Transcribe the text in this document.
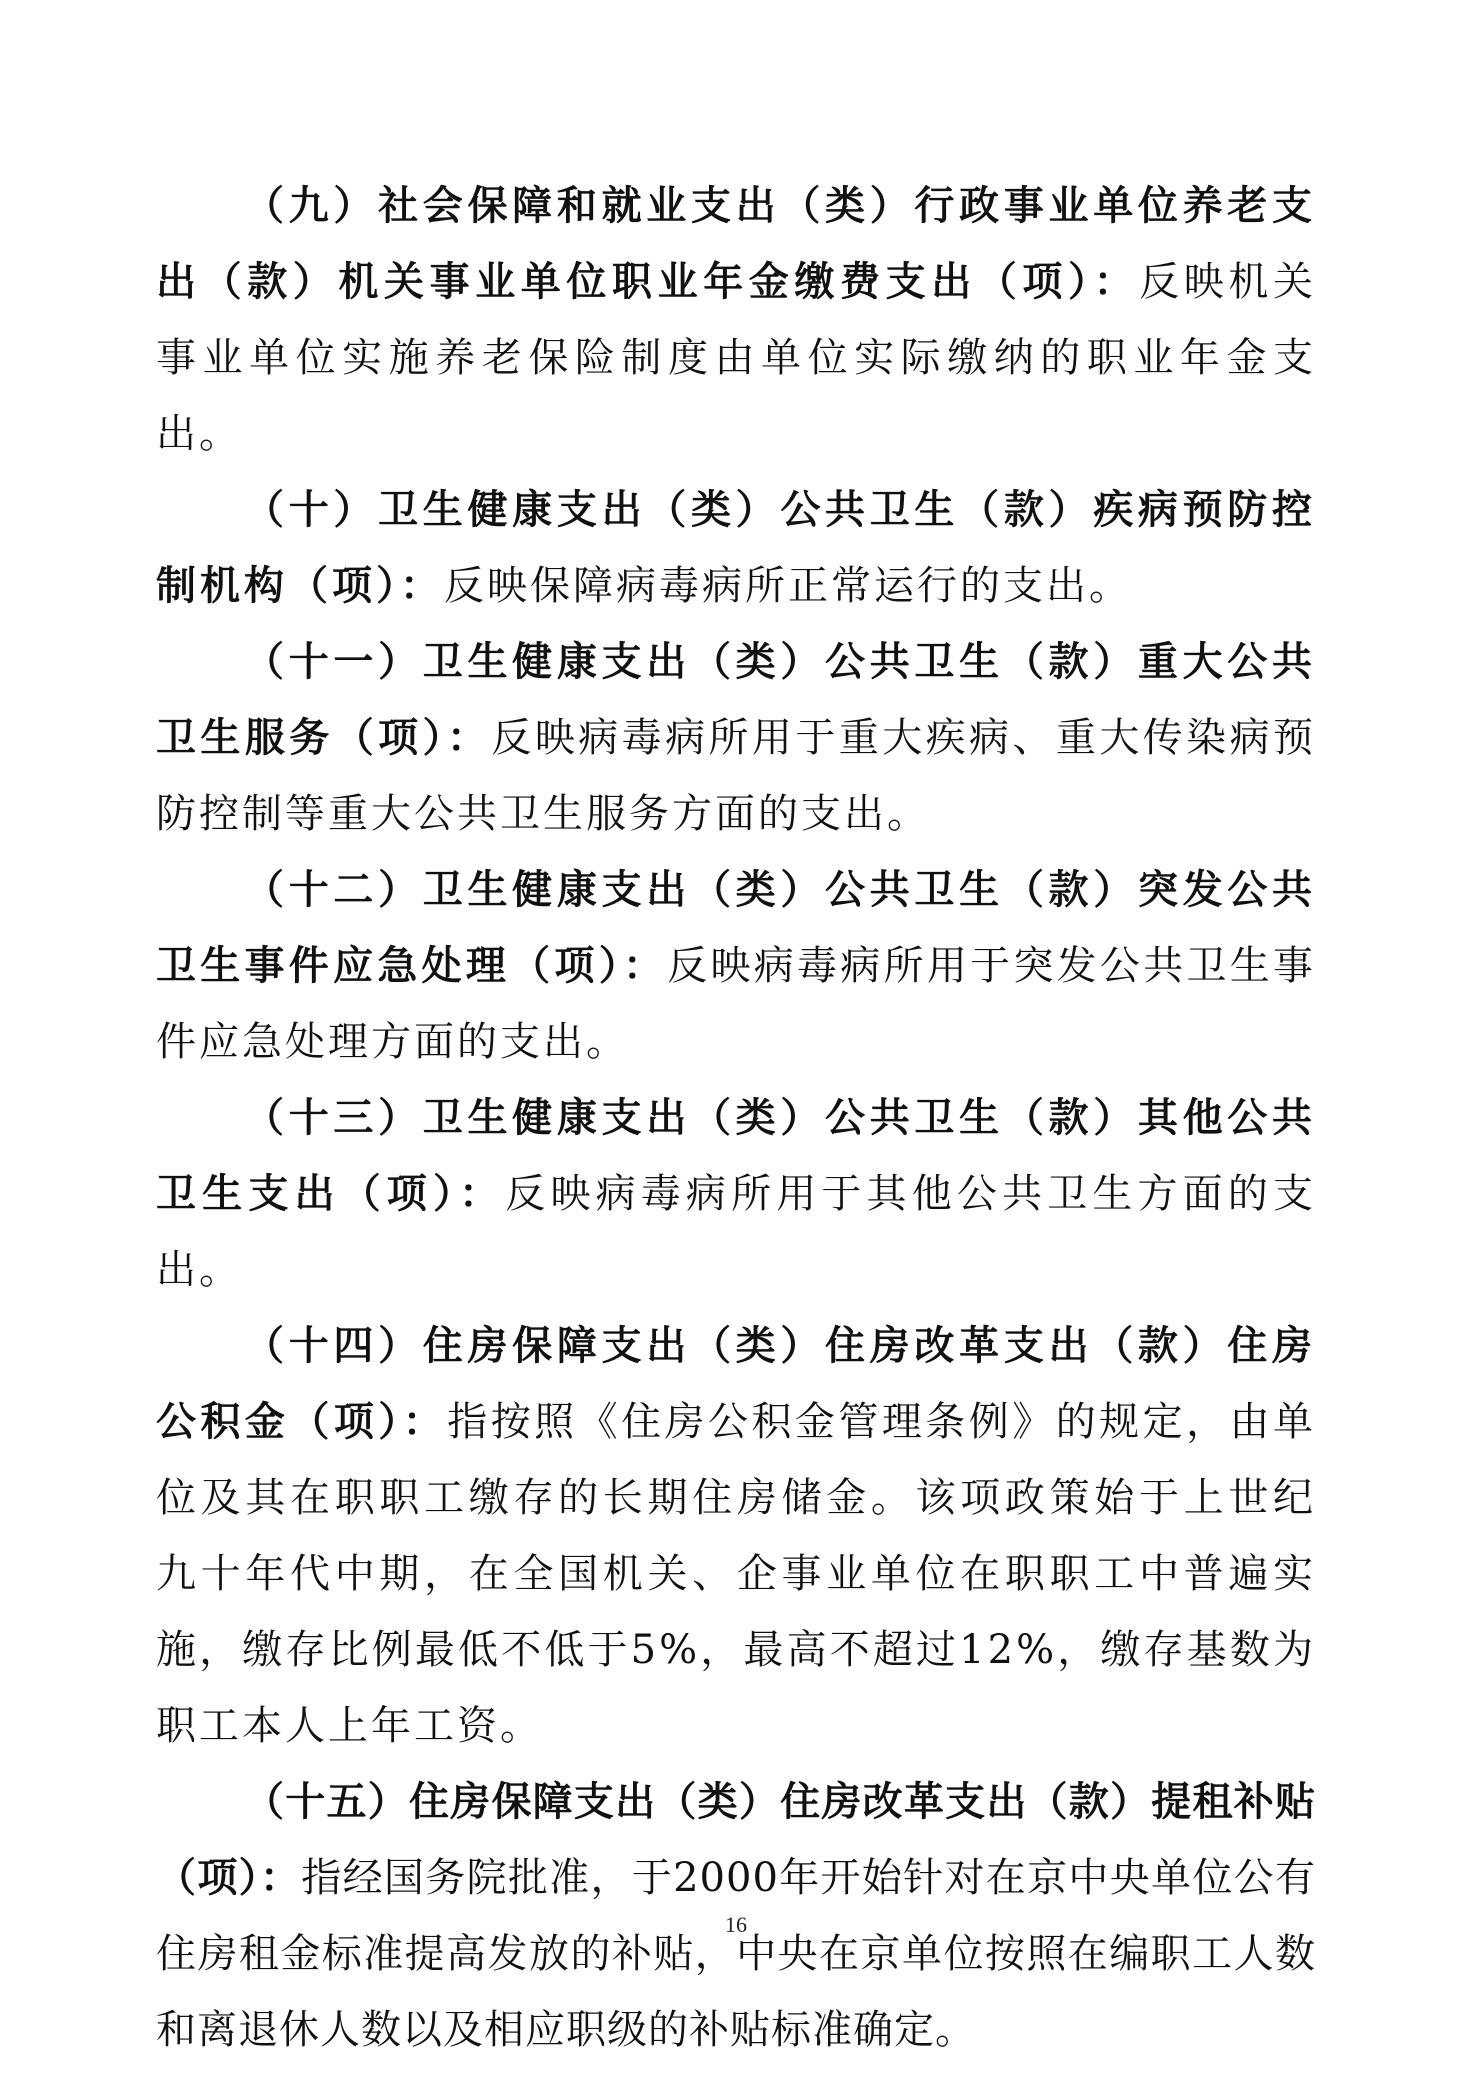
（九）社会保障和就业支出（类）行政事业单位养老支出（款）机关事业单位职业年金缴费支出（项）：反映机关事业单位实施养老保险制度由单位实际缴纳的职业年金支出。

（十）卫生健康支出（类）公共卫生（款）疾病预防控制机构（项）：反映保障病毒病所正常运行的支出。

（十一）卫生健康支出（类）公共卫生（款）重大公共卫生服务（项）：反映病毒病所用于重大疾病、重大传染病预防控制等重大公共卫生服务方面的支出。

（十二）卫生健康支出（类）公共卫生（款）突发公共卫生事件应急处理（项）：反映病毒病所用于突发公共卫生事件应急处理方面的支出。

（十三）卫生健康支出（类）公共卫生（款）其他公共卫生支出（项）：反映病毒病所用于其他公共卫生方面的支出。

（十四）住房保障支出（类）住房改革支出（款）住房公积金（项）：指按照《住房公积金管理条例》的规定，由单位及其在职职工缴存的长期住房储金。该项政策始于上世纪九十年代中期，在全国机关、企事业单位在职职工中普遍实施，缴存比例最低不低于5%，最高不超过12%，缴存基数为职工本人上年工资。

（十五）住房保障支出（类）住房改革支出（款）提租补贴（项）：指经国务院批准，于2000年开始针对在京中央单位公有住房租金标准提高发放的补贴，中央在京单位按照在编职工人数和离退休人数以及相应职级的补贴标准确定。

16
